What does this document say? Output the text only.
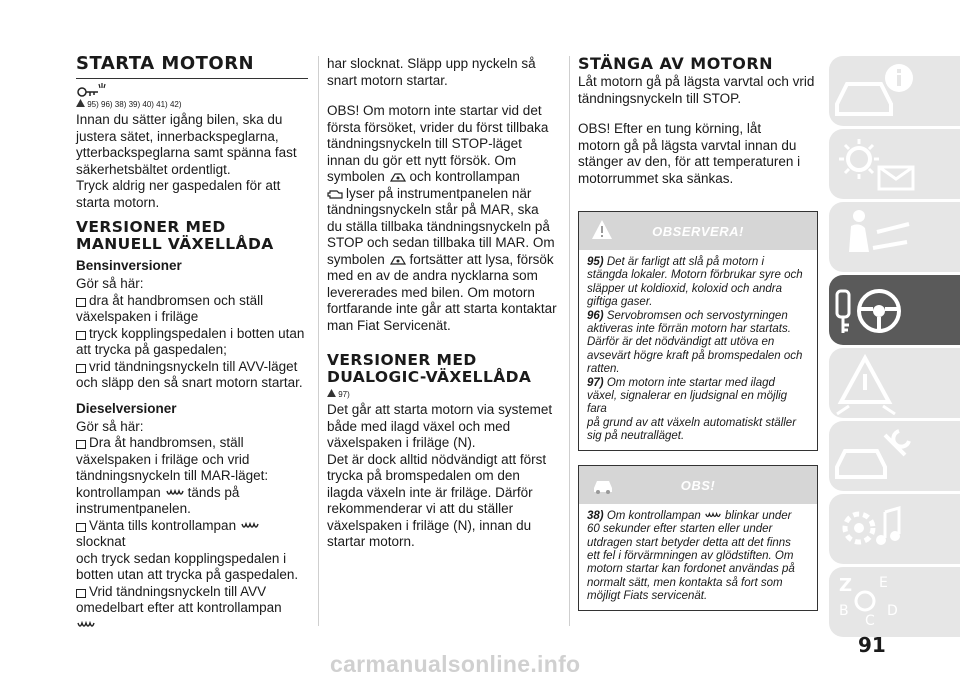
STARTA MOTORN
95) 96) 38) 39) 40) 41) 42)

Innan du sätter igång bilen, ska du

justera sätet, innerbackspeglarna,

ytterbackspeglarna samt spänna fast

säkerhetsbältet ordentligt.

Tryck aldrig ner gaspedalen för att

starta motorn.

VERSIONER MED
MANUELL VÄXELLÅDA
Bensinversioner

Gör så här:

dra åt handbromsen och ställ

växelspaken i friläge

tryck kopplingspedalen i botten utan

att trycka på gaspedalen;

vrid tändningsnyckeln till AVV-läget

och släpp den så snart motorn startar.

Dieselversioner

Gör så här:

Dra åt handbromsen, ställ

växelspaken i friläge och vrid

tändningsnyckeln till MAR-läget:

kontrollampan tänds på

instrumentpanelen.

Vänta tills kontrollampan slocknat

och tryck sedan kopplingspedalen i

botten utan att trycka på gaspedalen.

Vrid tändningsnyckeln till AVV

omedelbart efter att kontrollampan

har slocknat. Släpp upp nyckeln så

snart motorn startar.

OBS! Om motorn inte startar vid det

första försöket, vrider du först tillbaka

tändningsnyckeln till STOP-läget

innan du gör ett nytt försök. Om

symbolen och kontrollampan

lyser på instrumentpanelen när

tändningsnyckeln står på MAR, ska

du ställa tillbaka tändningsnyckeln på

STOP och sedan tillbaka till MAR. Om

symbolen fortsätter att lysa, försök

med en av de andra nycklarna som

levererades med bilen. Om motorn

fortfarande inte går att starta kontaktar

man Fiat Servicenät.

VERSIONER MED
DUALOGIC-VÄXELLÅDA
97)

Det går att starta motorn via systemet

både med ilagd växel och med

växelspaken i friläge (N).

Det är dock alltid nödvändigt att först

trycka på bromspedalen om den

ilagda växeln inte är friläge. Därför

rekommenderar vi att du ställer

växelspaken i friläge (N), innan du

startar motorn.

STÄNGA AV MOTORN

Låt motorn gå på lägsta varvtal och vrid

tändningsnyckeln till STOP.

OBS! Efter en tung körning, låt

motorn gå på lägsta varvtal innan du

stänger av den, för att temperaturen i

motorrummet ska sänkas.

OBSERVERA!

95) Det är farligt att slå på motorn i

stängda lokaler. Motorn förbrukar syre och

släpper ut koldioxid, koloxid och andra

giftiga gaser.

96) Servobromsen och servostyrningen

aktiveras inte förrän motorn har startats.

Därför är det nödvändigt att utöva en

avsevärt högre kraft på bromspedalen och

ratten.

97) Om motorn inte startar med ilagd

växel, signalerar en ljudsignal en möjlig fara

på grund av att växeln automatiskt ställer

sig på neutralläget.

OBS!

38) Om kontrollampan blinkar under

60 sekunder efter starten eller under

utdragen start betyder detta att det finns

ett fel i förvärmningen av glödstiften. Om

motorn startar kan fordonet användas på

normalt sätt, men kontakta så fort som

möjligt Fiats servicenät.

Z E
B
C
D
91
carmanualsonline.info
